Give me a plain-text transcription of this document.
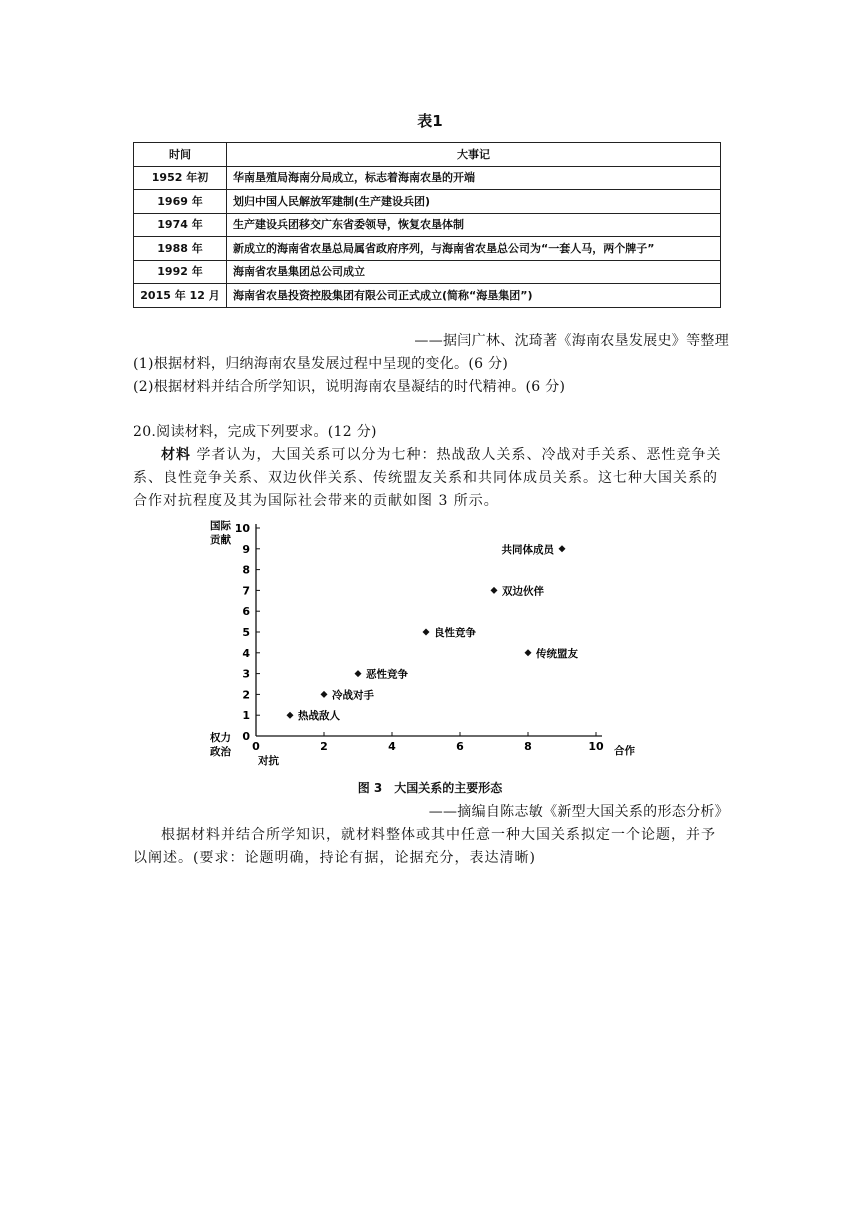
表1
时间	大事记
1952 年初	华南垦殖局海南分局成立，标志着海南农垦的开端
1969 年	划归中国人民解放军建制(生产建设兵团)
1974 年	生产建设兵团移交广东省委领导，恢复农垦体制
1988 年	新成立的海南省农垦总局属省政府序列，与海南省农垦总公司为“一套人马，两个牌子”
1992 年	海南省农垦集团总公司成立
2015 年 12 月	海南省农垦投资控股集团有限公司正式成立(简称“海垦集团”)
——据闫广林、沈琦著《海南农垦发展史》等整理
(1)根据材料，归纳海南农垦发展过程中呈现的变化。(6 分)
(2)根据材料并结合所学知识，说明海南农垦凝结的时代精神。(6 分)
20.阅读材料，完成下列要求。(12 分)

材料 学者认为，大国关系可以分为七种：热战敌人关系、冷战对手关系、恶性竞争关系、良性竞争关系、双边伙伴关系、传统盟友关系和共同体成员关系。这七种大国关系的合作对抗程度及其为国际社会带来的贡献如图 3 所示。

0
1
2
3
4
5
6
7
8
9
10
0	2	4	6	8	10
国际
贡献
权力
政治
对抗
合作
热战敌人
冷战对手
恶性竞争
良性竞争
双边伙伴
传统盟友
共同体成员
图 3　大国关系的主要形态
——摘编自陈志敏《新型大国关系的形态分析》

根据材料并结合所学知识，就材料整体或其中任意一种大国关系拟定一个论题，并予以阐述。(要求：论题明确，持论有据，论据充分，表达清晰)
